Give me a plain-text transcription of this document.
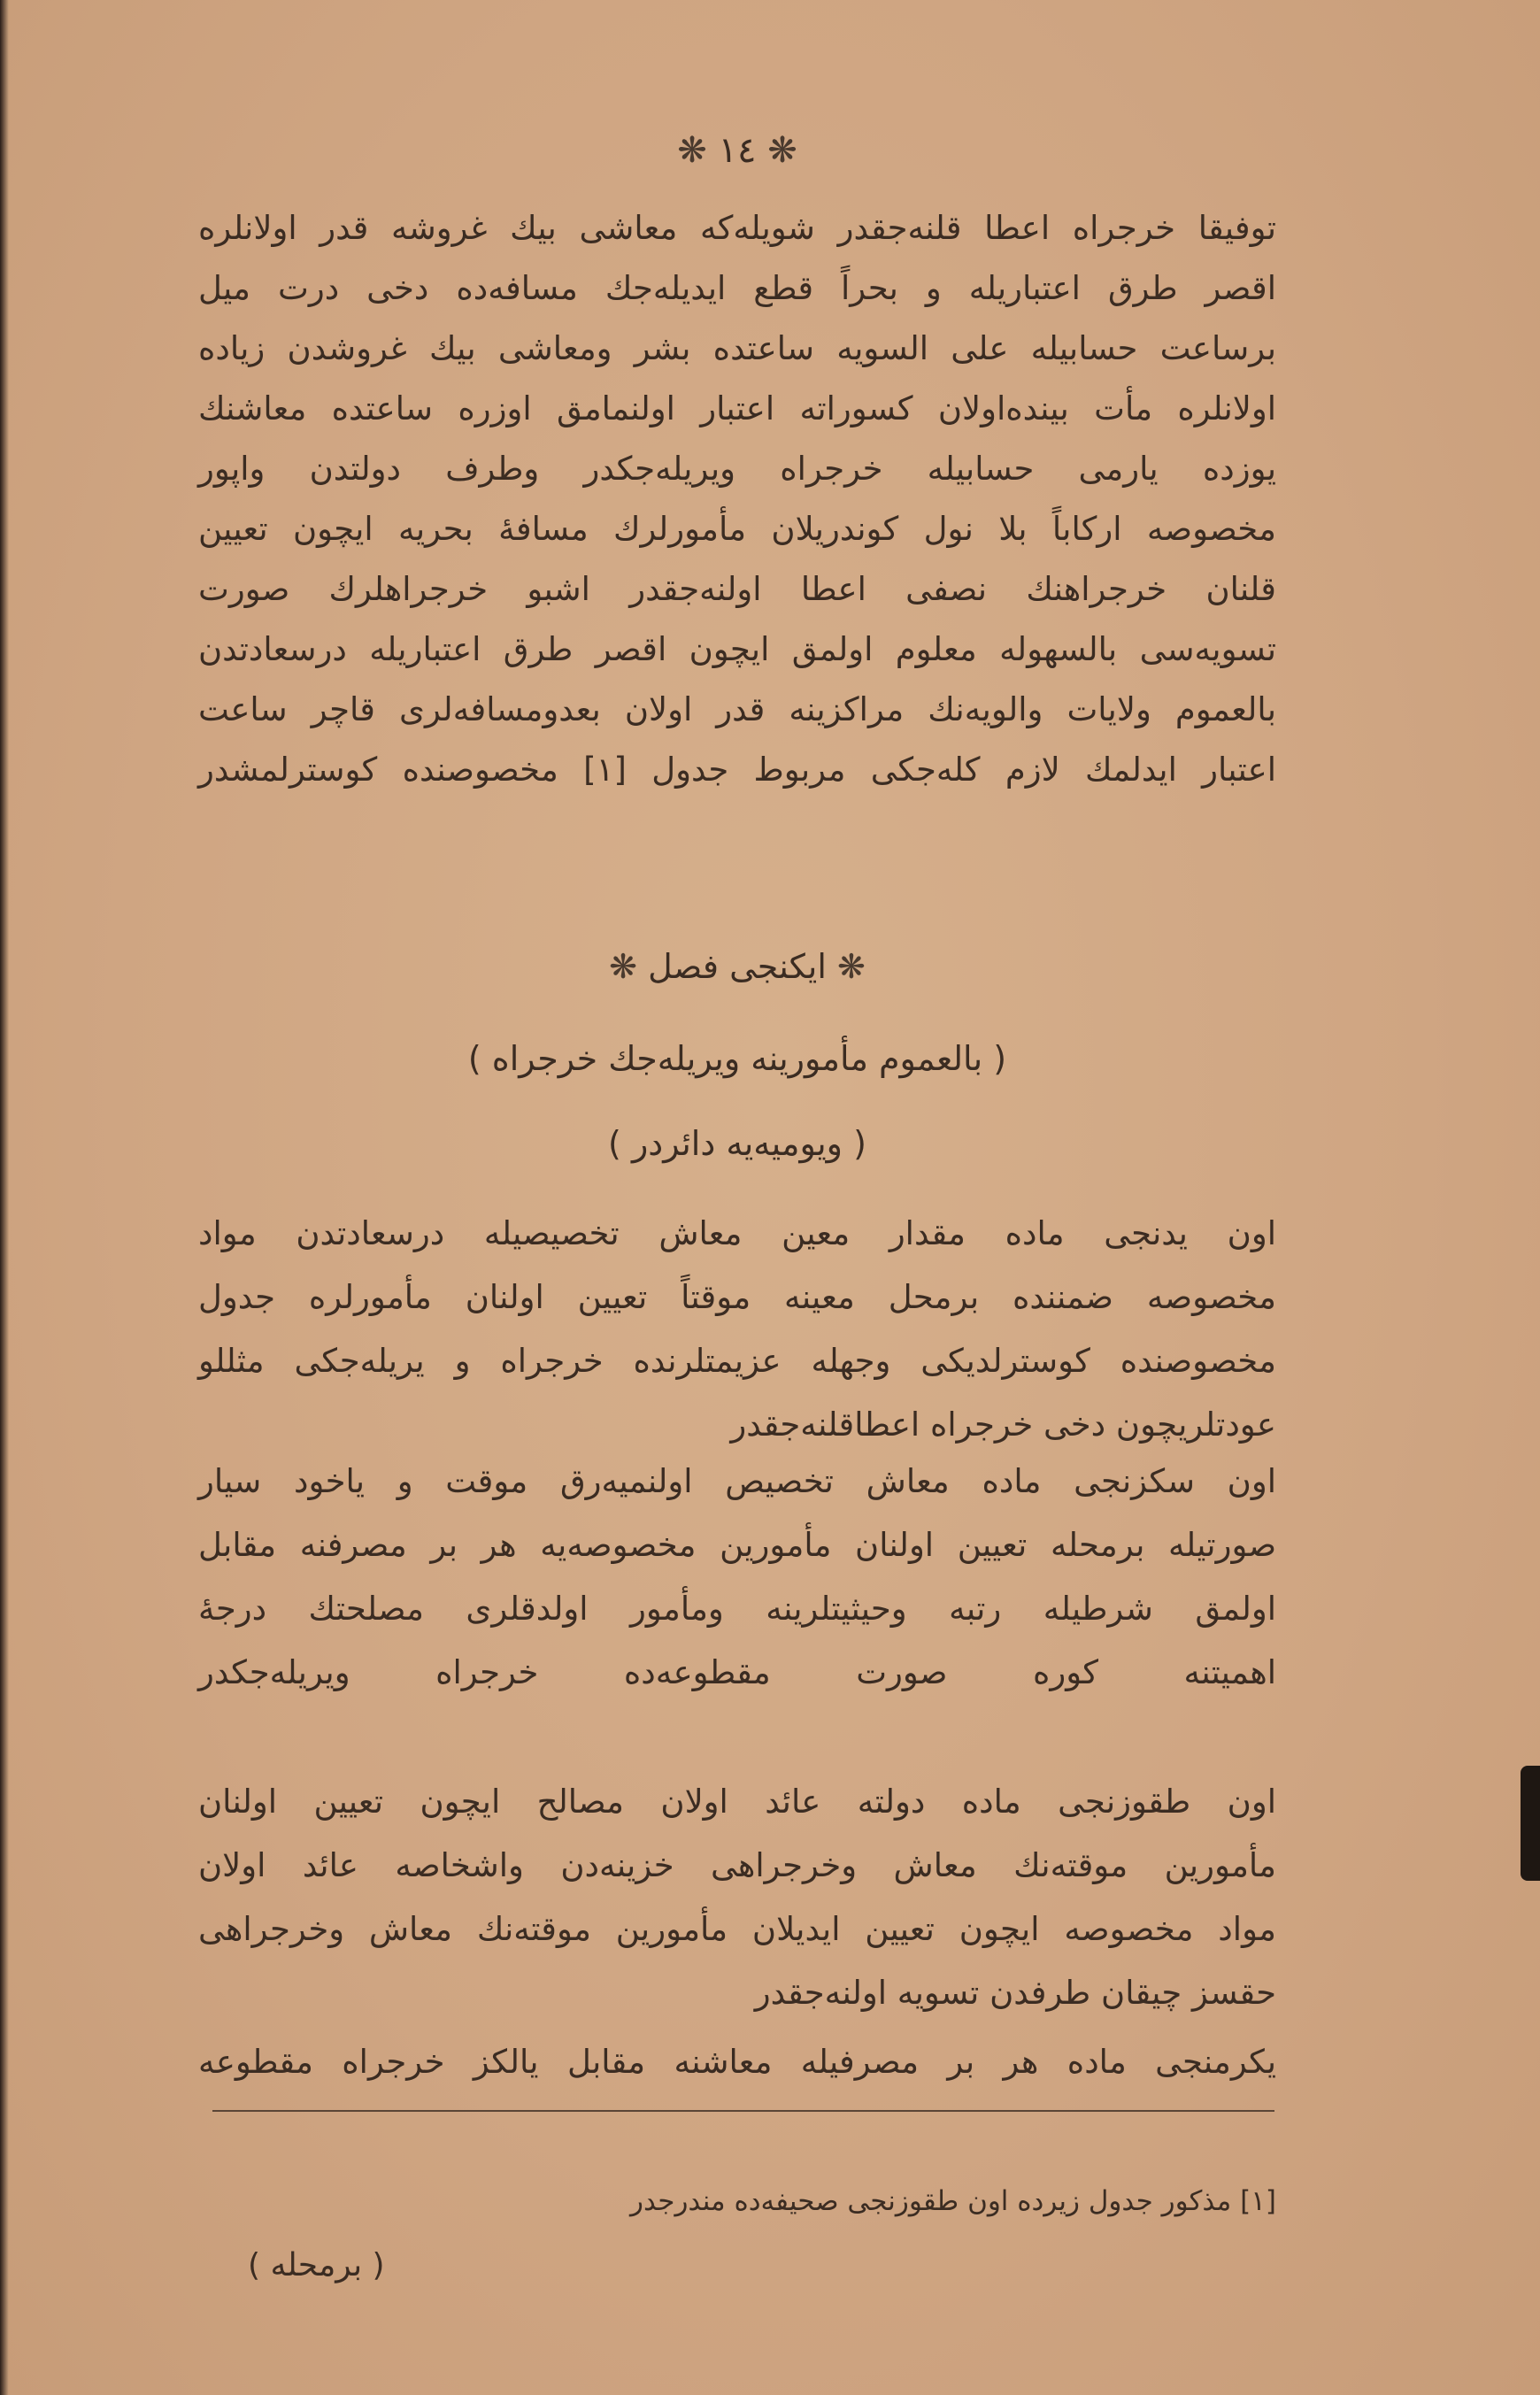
❋ ١٤ ❋
توفيقا خرجراه اعطا قلنه‌جقدر شويله‌كه معاشى بيك غروشه قدر اولانلره
اقصر طرق اعتباريله و بحراً قطع ايديله‌جك مسافه‌ده دخى درت ميل
برساعت حسابيله على السويه ساعتده بشر ومعاشى بيك غروشدن زياده
اولانلره مأت بينده‌اولان كسوراته اعتبار اولنمامق اوزره ساعتده معاشنك
يوزده يارمى حسابيله خرجراه ويريله‌جكدر وطرف دولتدن واپور
مخصوصه اركاباً بلا نول كوندريلان مأمورلرك مسافهٔ بحريه ايچون تعيين
قلنان خرجراهنك نصفى اعطا اولنه‌جقدر اشبو خرجراهلرك صورت
تسويه‌سى بالسهوله معلوم اولمق ايچون اقصر طرق اعتباريله درسعادتدن
بالعموم ولايات والويه‌نك مراكزينه قدر اولان بعدومسافه‌لرى قاچر ساعت
اعتبار ايدلمك لازم كله‌جكى مربوط جدول [١] مخصوصنده كوسترلمشدر
❋ ايكنجى فصل ❋
( بالعموم مأمورينه ويريله‌جك خرجراه )
( ويوميه‌يه دائردر )
اون يدنجى ماده مقدار معين معاش تخصيصيله درسعادتدن مواد
مخصوصه ضمننده برمحل معينه موقتاً تعيين اولنان مأمورلره جدول
مخصوصنده كوسترلديكى وجهله عزيمتلرنده خرجراه و يريله‌جكى مثللو
عودتلريچون دخى خرجراه اعطاقلنه‌جقدر
اون سكزنجى ماده معاش تخصيص اولنميه‌رق موقت و ياخود سيار
صورتيله برمحله تعيين اولنان مأمورين مخصوصه‌يه هر بر مصرفنه مقابل
اولمق شرطيله رتبه وحيثيتلرينه ومأمور اولدقلرى مصلحتك درجهٔ
اهميتنه كوره صورت مقطوعه‌ده خرجراه ويريله‌جكدر
اون طقوزنجى ماده دولته عائد اولان مصالح ايچون تعيين اولنان
مأمورين موقته‌نك معاش وخرجراهى خزينه‌دن واشخاصه عائد اولان
مواد مخصوصه ايچون تعيين ايديلان مأمورين موقته‌نك معاش وخرجراهى
حقسز چيقان طرفدن تسويه اولنه‌جقدر
يكرمنجى ماده هر بر مصرفيله معاشنه مقابل يالكز خرجراه مقطوعه
[١] مذكور جدول زيرده اون طقوزنجى صحيفه‌ده مندرجدر
( برمحله )
